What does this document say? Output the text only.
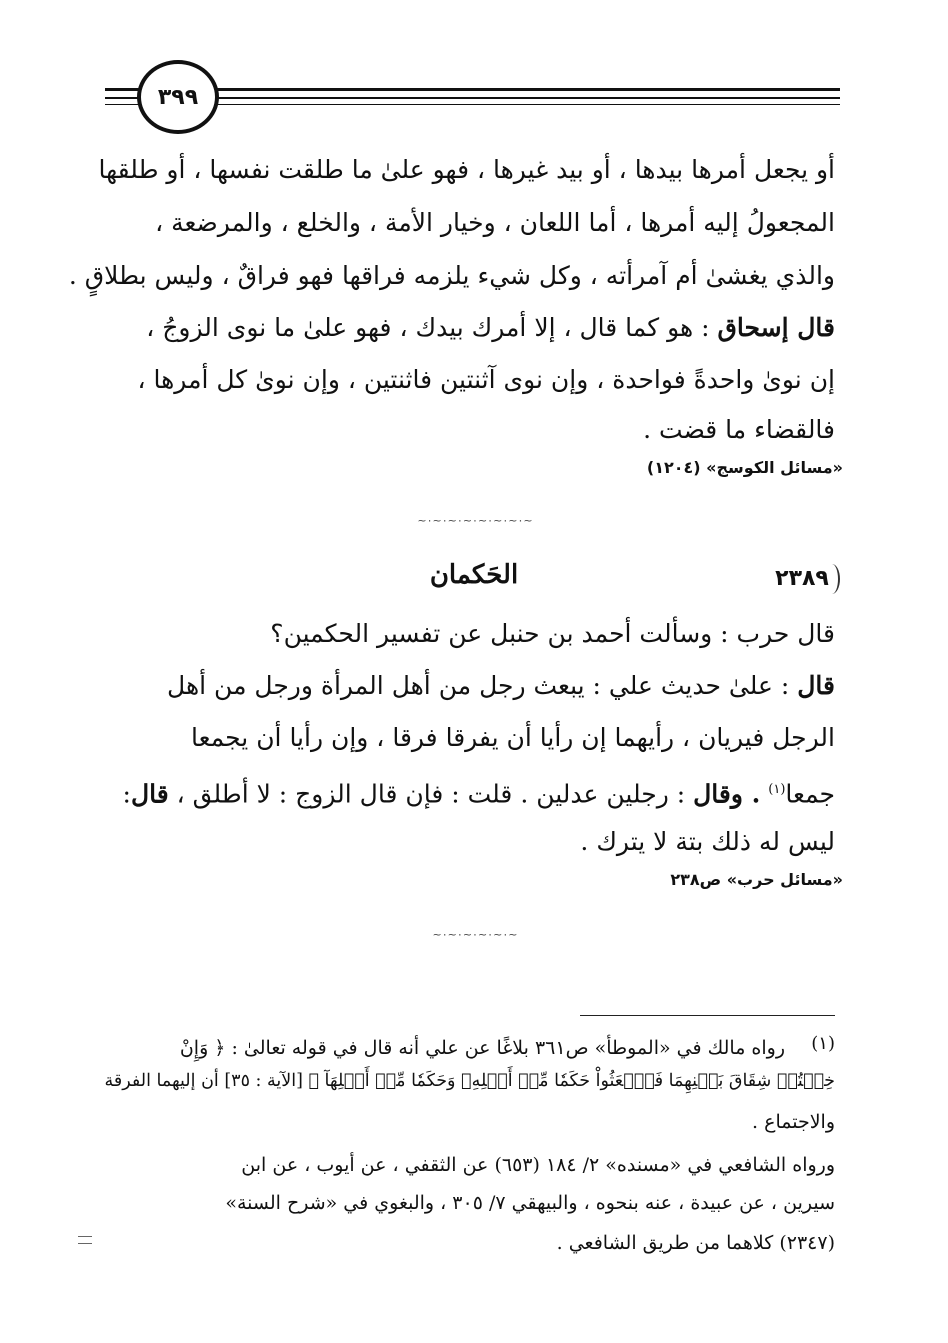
٣٩٩
أو يجعل أمرها بيدها ، أو بيد غيرها ، فهو علىٰ ما طلقت نفسها ، أو طلقها
المجعولُ إليه أمرها ، أما اللعان ، وخيار الأمة ، والخلع ، والمرضعة ،
والذي يغشىٰ أم آمرأته ، وكل شيء يلزمه فراقها فهو فراقٌ ، وليس بطلاقٍ .
قال إسحاق : هو كما قال ، إلا أمرك بيدك ، فهو علىٰ ما نوى الزوجُ ،
إن نوىٰ واحدةً فواحدة ، وإن نوى آثنتين فاثنتين ، وإن نوىٰ كل أمرها ،
فالقضاء ما قضت .
«مسائل الكوسج» (١٢٠٤)
~٠~٠~٠~٠~٠~٠~٠~
٢٣٨٩
الحَكمان
قال حرب : وسألت أحمد بن حنبل عن تفسير الحكمين؟
قال : علىٰ حديث علي : يبعث رجل من أهل المرأة ورجل من أهل
الرجل فيريان ، رأيهما إن رأيا أن يفرقا فرقا ، وإن رأيا أن يجمعا
جمعا$^{(١)}$ . وقال : رجلين عدلين . قلت : فإن قال الزوج : لا أطلق ، قال:
ليس له ذلك بتة لا يترك .
«مسائل حرب» ص٢٣٨
~٠~٠~٠~٠~٠~
(١)
رواه مالك في «الموطأ» ص٣٦١ بلاغًا عن علي أنه قال في قوله تعالىٰ : ﴿ وَإِنْ
خِفۡتُمۡ شِقَاقَ بَيۡنِهِمَا فَٱبۡعَثُواْ حَكَمٗا مِّنۡ أَهۡلِهِۦ وَحَكَمٗا مِّنۡ أَهۡلِهَآ ﴾ [الآية : ٣٥] أن إليهما الفرقة
والاجتماع .
ورواه الشافعي في «مسنده» ٢/ ١٨٤ (٦٥٣) عن الثقفي ، عن أيوب ، عن ابن
سيرين ، عن عبيدة ، عنه بنحوه ، والبيهقي ٧/ ٣٠٥ ، والبغوي في «شرح السنة»
(٢٣٤٧) كلاهما من طريق الشافعي .
